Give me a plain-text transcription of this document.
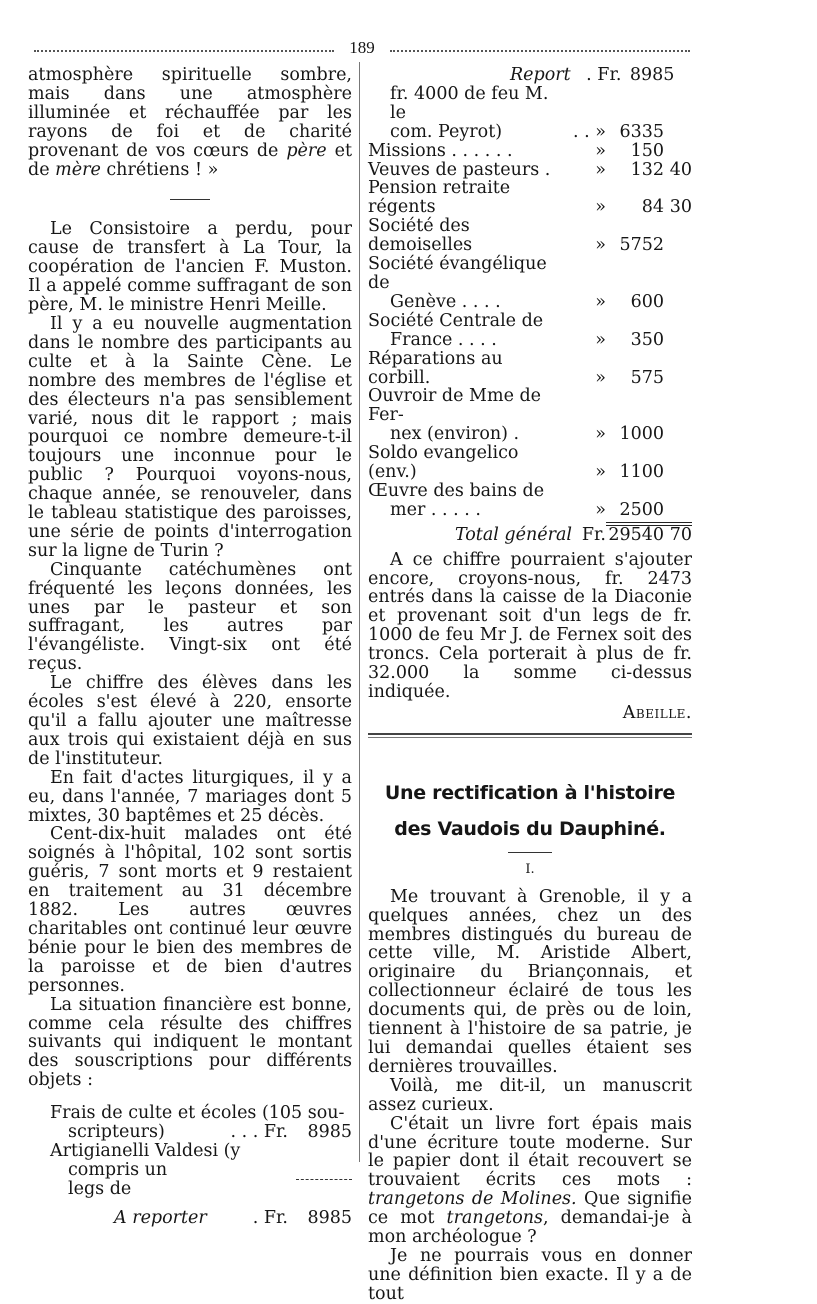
189

atmosphère spirituelle sombre, mais dans une atmosphère illuminée et réchauffée par les rayons de foi et de charité provenant de vos cœurs de père et de mère chrétiens ! »

Le Consistoire a perdu, pour cause de transfert à La Tour, la coopération de l'ancien F. Muston. Il a appelé comme suffragant de son père, M. le ministre Henri Meille.

Il y a eu nouvelle augmentation dans le nombre des participants au culte et à la Sainte Cène. Le nombre des membres de l'église et des électeurs n'a pas sensiblement varié, nous dit le rapport ; mais pourquoi ce nombre demeure-t-il toujours une inconnue pour le public ? Pourquoi voyons-nous, chaque année, se renouveler, dans le tableau statistique des paroisses, une série de points d'interrogation sur la ligne de Turin ?

Cinquante catéchumènes ont fréquenté les leçons données, les unes par le pasteur et son suffragant, les autres par l'évangéliste. Vingt-six ont été reçus.

Le chiffre des élèves dans les écoles s'est élevé à 220, ensorte qu'il a fallu ajouter une maîtresse aux trois qui existaient déjà en sus de l'instituteur.

En fait d'actes liturgiques, il y a eu, dans l'année, 7 mariages dont 5 mixtes, 30 baptêmes et 25 décès.

Cent-dix-huit malades ont été soignés à l'hôpital, 102 sont sortis guéris, 7 sont morts et 9 restaient en traitement au 31 décembre 1882. Les autres œuvres charitables ont continué leur œuvre bénie pour le bien des membres de la paroisse et de bien d'autres personnes.

La situation financière est bonne, comme cela résulte des chiffres suivants qui indiquent le montant des souscriptions pour différents objets :

Frais de culte et écoles (105 sou-		
scripteurs)	. . . Fr.	8985
Artigianelli Valdesi (y		
compris un legs de		
A reporter	. Fr.	8985
Report	. Fr.	8985	
fr. 4000 de feu M. le			
com. Peyrot)	. . »	6335	
Missions . . . . . .	»	150	
Veuves de pasteurs .	»	132	40
Pension retraite régents	»	84	30
Société des demoiselles	»	5752	
Société évangélique de			
Genève . . . .	»	600	
Société Centrale de			
France . . . .	»	350	
Réparations au corbill.	»	575	
Ouvroir de Mme de Fer-			
nex (environ) .	»	1000	
Soldo evangelico (env.)	»	1100	
Œuvre des bains de			
mer . . . . .	»	2500	
Total général	Fr.	29540	70

A ce chiffre pourraient s'ajouter encore, croyons-nous, fr. 2473 entrés dans la caisse de la Diaconie et provenant soit d'un legs de fr. 1000 de feu Mr J. de Fernex soit des troncs. Cela porterait à plus de fr. 32.000 la somme ci-dessus indiquée.

Abeille.
Une rectification à l'histoire
des Vaudois du Dauphiné.
I.

Me trouvant à Grenoble, il y a quelques années, chez un des membres distingués du bureau de cette ville, M. Aristide Albert, originaire du Briançonnais, et collectionneur éclairé de tous les documents qui, de près ou de loin, tiennent à l'histoire de sa patrie, je lui demandai quelles étaient ses dernières trouvailles.

Voilà, me dit-il, un manuscrit assez curieux.

C'était un livre fort épais mais d'une écriture toute moderne. Sur le papier dont il était recouvert se trouvaient écrits ces mots : trangetons de Molines. Que signifie ce mot trangetons, demandai-je à mon archéologue ?

Je ne pourrais vous en donner une définition bien exacte. Il y a de tout
